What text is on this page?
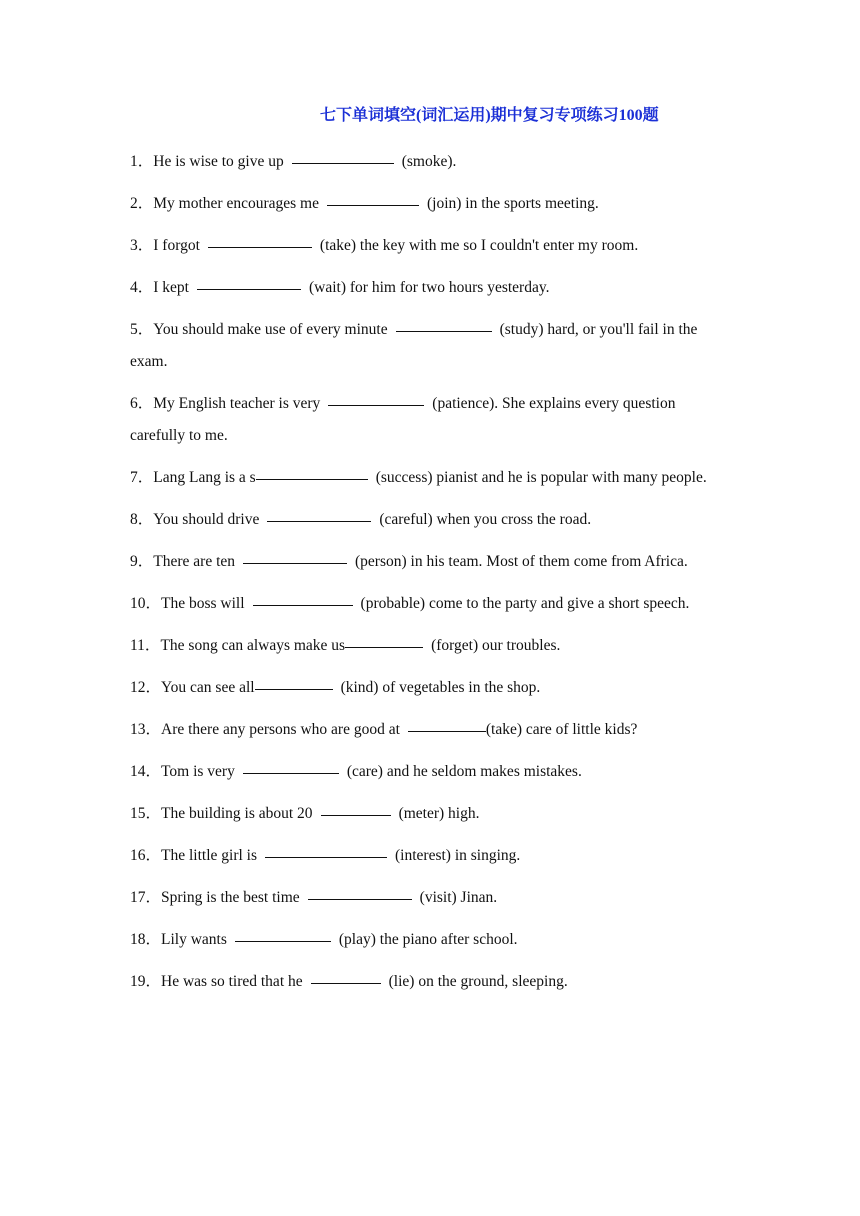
七下单词填空(词汇运用)期中复习专项练习100题
1．He is wise to give up	(smoke).
2．My mother encourages me	(join) in the sports meeting.
3．I forgot	(take) the key with me so I couldn't enter my room.
4．I kept	(wait) for him for two hours yesterday.
5．You should make use of every minute	(study) hard, or you'll fail in the exam.
6．My English teacher is very	(patience). She explains every question carefully to me.
7．Lang Lang is a s	(success) pianist and he is popular with many people.
8．You should drive	(careful) when you cross the road.
9．There are ten	(person) in his team. Most of them come from Africa.
10．The boss will	(probable) come to the party and give a short speech.
11．The song can always make us	(forget) our troubles.
12．You can see all	(kind) of vegetables in the shop.
13．Are there any persons who are good at	(take) care of little kids?
14．Tom is very	(care) and he seldom makes mistakes.
15．The building is about 20	(meter) high.
16．The little girl is	(interest) in singing.
17．Spring is the best time	(visit) Jinan.
18．Lily wants	(play) the piano after school.
19．He was so tired that he	(lie) on the ground, sleeping.
